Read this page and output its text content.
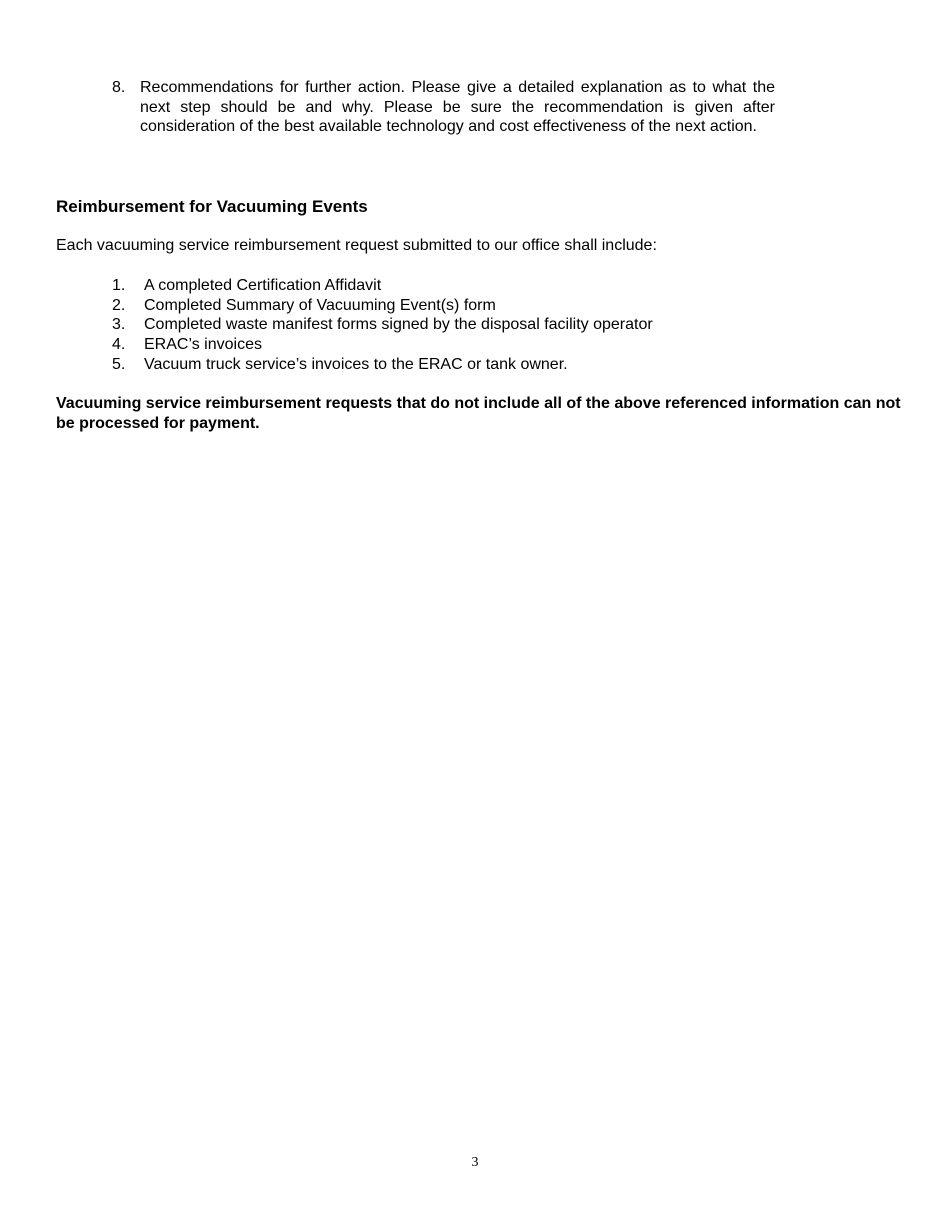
8. Recommendations for further action. Please give a detailed explanation as to what the next step should be and why. Please be sure the recommendation is given after consideration of the best available technology and cost effectiveness of the next action.
Reimbursement for Vacuuming Events
Each vacuuming service reimbursement request submitted to our office shall include:
1. A completed Certification Affidavit
2. Completed Summary of Vacuuming Event(s) form
3. Completed waste manifest forms signed by the disposal facility operator
4. ERAC’s invoices
5. Vacuum truck service’s invoices to the ERAC or tank owner.
Vacuuming service reimbursement requests that do not include all of the above referenced information can not be processed for payment.
3
